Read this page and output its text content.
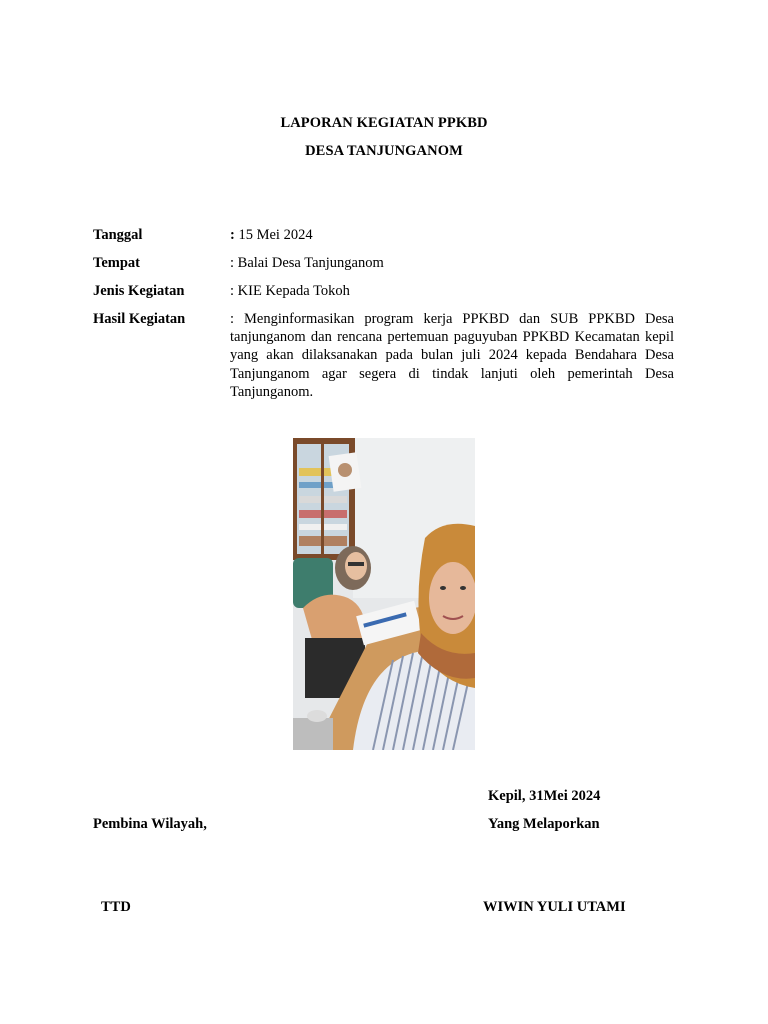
LAPORAN KEGIATAN PPKBD
DESA TANJUNGANOM
Tanggal	: 15 Mei 2024
Tempat	: Balai Desa Tanjunganom
Jenis Kegiatan	: KIE Kepada Tokoh
Hasil Kegiatan	: Menginformasikan program kerja PPKBD dan SUB PPKBD Desa tanjunganom dan rencana pertemuan paguyuban PPKBD Kecamatan kepil yang akan dilaksanakan pada bulan juli 2024 kepada Bendahara Desa Tanjunganom agar segera di tindak lanjuti oleh pemerintah Desa Tanjunganom.
Kepil, 31Mei 2024
Pembina Wilayah,	Yang Melaporkan
TTD	WIWIN YULI UTAMI
